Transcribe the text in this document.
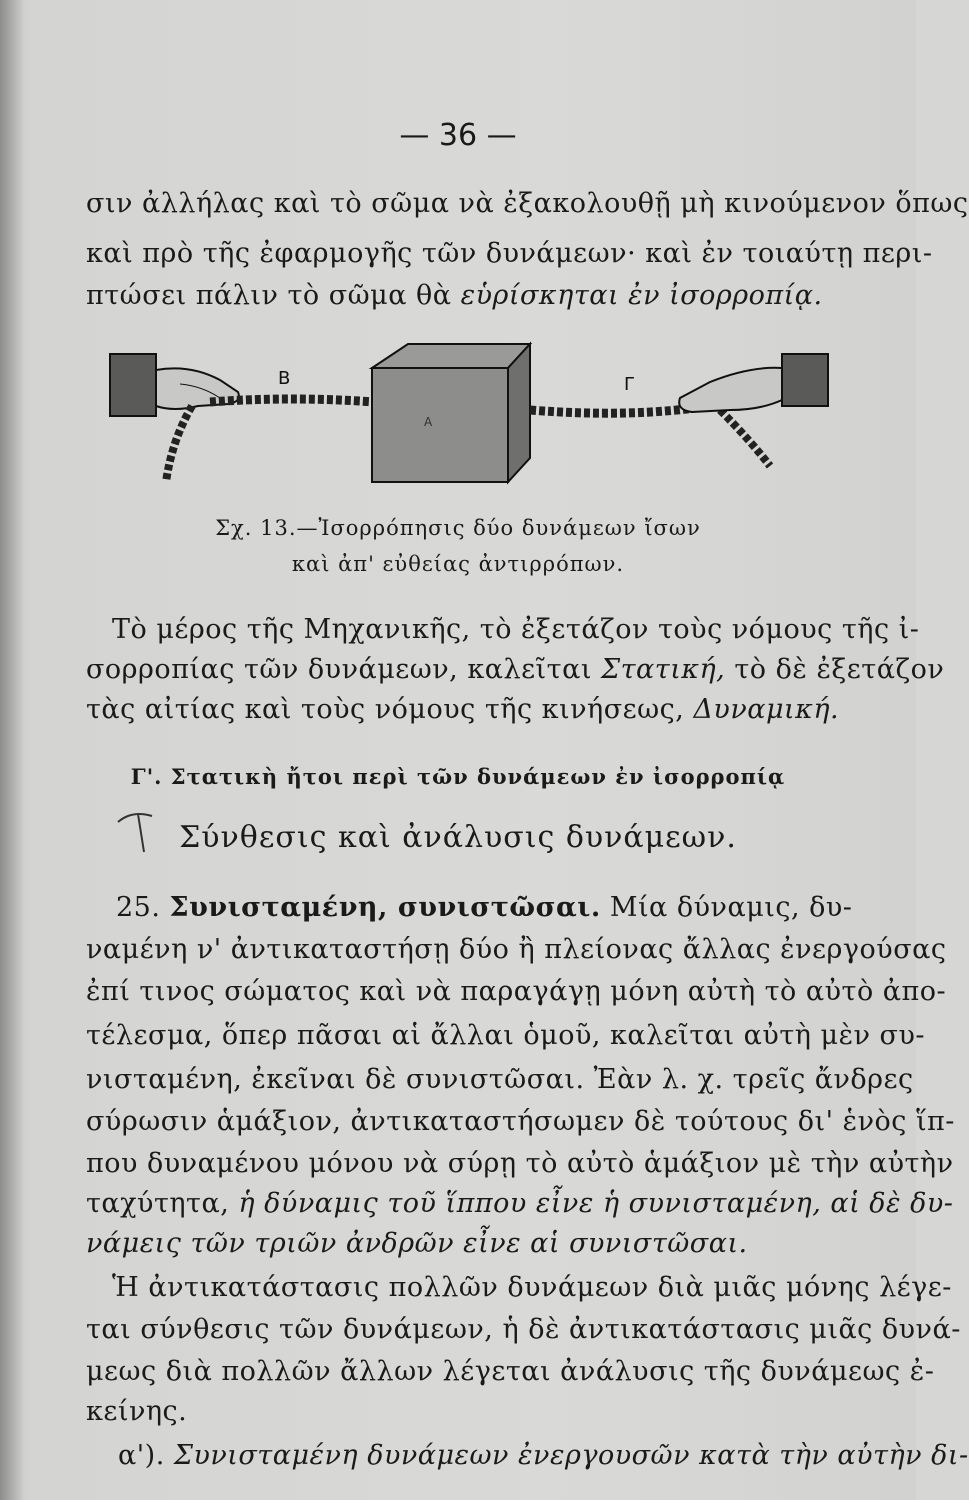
— 36 —
σιν ἀλλήλας καὶ τὸ σῶμα νὰ ἐξακολουθῇ μὴ κινούμενον ὅπως
καὶ πρὸ τῆς ἐφαρμογῆς τῶν δυνάμεων· καὶ ἐν τοιαύτῃ περι-
πτώσει πάλιν τὸ σῶμα θὰ εὑρίσκηται ἐν ἰσορροπίᾳ.
Β	Γ
Α
Σχ. 13.—Ἰσορρόπησις δύο δυνάμεων ἴσων
καὶ ἀπ' εὐθείας ἀντιρρόπων.
Τὸ μέρος τῆς Μηχανικῆς, τὸ ἐξετάζον τοὺς νόμους τῆς ἰ-
σορροπίας τῶν δυνάμεων, καλεῖται Στατική, τὸ δὲ ἐξετάζον
τὰς αἰτίας καὶ τοὺς νόμους τῆς κινήσεως, Δυναμική.
Γ'. Στατικὴ ἤτοι περὶ τῶν δυνάμεων ἐν ἰσορροπίᾳ
Σύνθεσις καὶ ἀνάλυσις δυνάμεων.
25. Συνισταμένη, συνιστῶσαι. Μία δύναμις, δυ-
ναμένη ν' ἀντικαταστήσῃ δύο ἢ πλείονας ἄλλας ἐνεργούσας
ἐπί τινος σώματος καὶ νὰ παραγάγῃ μόνη αὐτὴ τὸ αὐτὸ ἀπο-
τέλεσμα, ὅπερ πᾶσαι αἱ ἄλλαι ὁμοῦ, καλεῖται αὐτὴ μὲν συ-
νισταμένη, ἐκεῖναι δὲ συνιστῶσαι. Ἐὰν λ. χ. τρεῖς ἄνδρες
σύρωσιν ἁμάξιον, ἀντικαταστήσωμεν δὲ τούτους δι' ἑνὸς ἵπ-
που δυναμένου μόνου νὰ σύρῃ τὸ αὐτὸ ἁμάξιον μὲ τὴν αὐτὴν
ταχύτητα, ἡ δύναμις τοῦ ἵππου εἶνε ἡ συνισταμένη, αἱ δὲ δυ-
νάμεις τῶν τριῶν ἀνδρῶν εἶνε αἱ συνιστῶσαι.
Ἡ ἀντικατάστασις πολλῶν δυνάμεων διὰ μιᾶς μόνης λέγε-
ται σύνθεσις τῶν δυνάμεων, ἡ δὲ ἀντικατάστασις μιᾶς δυνά-
μεως διὰ πολλῶν ἄλλων λέγεται ἀνάλυσις τῆς δυνάμεως ἐ-
κείνης.
α'). Συνισταμένη δυνάμεων ἐνεργουσῶν κατὰ τὴν αὐτὴν δι-
